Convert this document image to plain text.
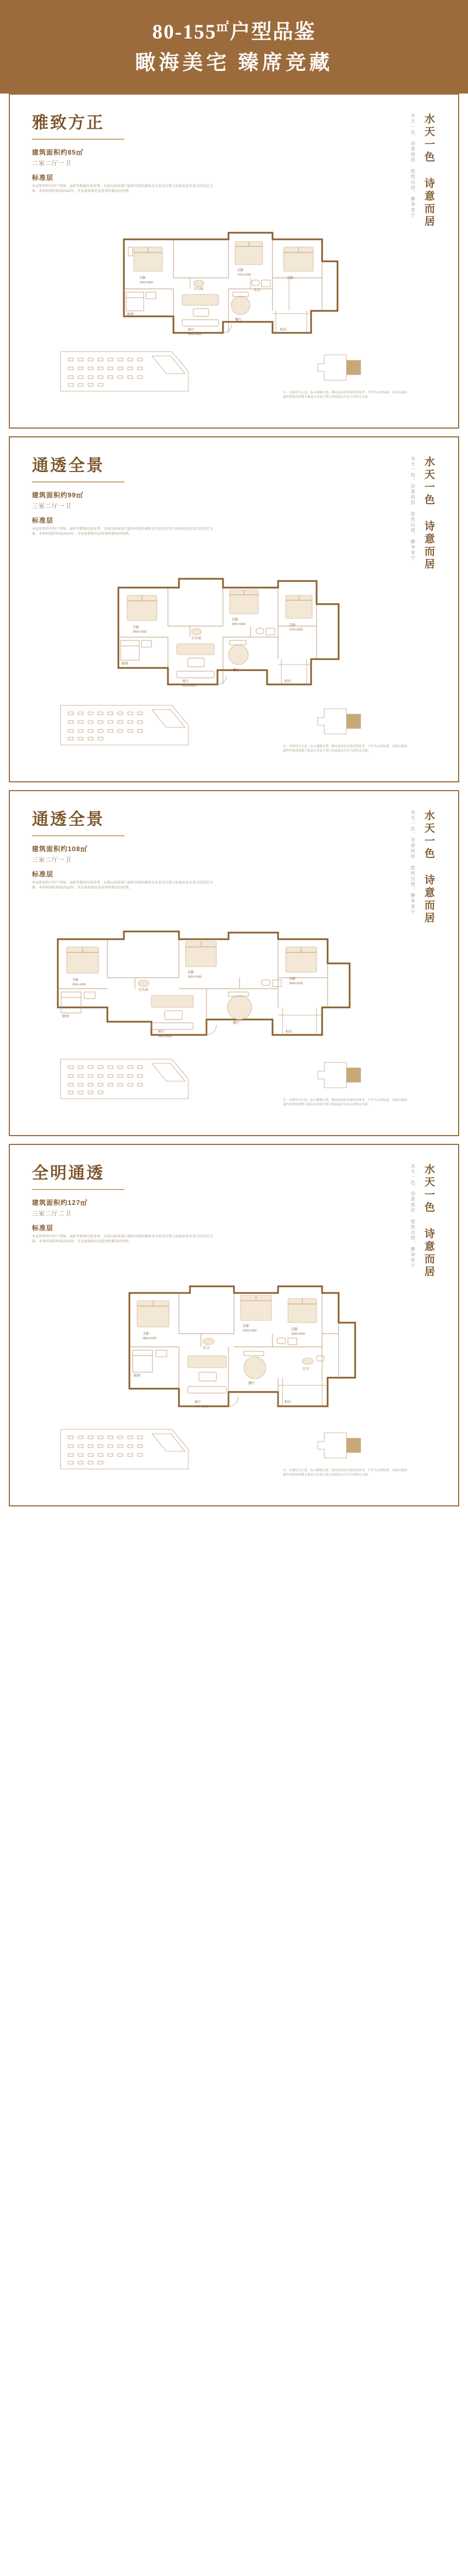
80-155㎡户型品鉴
瞰海美宅 臻席竞藏
雅致方正
建筑面积约85㎡
二室二厅一卫
标准层
本宣传资料中的户型图、面积等数据仅供参考，具体以政府部门最终审批的图纸及买卖双方签订的商品房买卖合同约定为准。本资料制作时间2023年，开发商保留对宣传资料修改的权利。	水天一色 诗意而居
水天一色，诗意而居 悠然自得，静享安宁
主卧
3300×3600
次卧
2700×3300
次卧
客厅
3900×4200
餐厅
厨房
卫生间
阳台
玄关
注：本图仅为示意，标示楼栋位置、朝向及周边环境仅供参考，不作为交付标准，具体以政府最终审批的规划方案及买卖双方签订的商品房买卖合同约定为准。
通透全景
建筑面积约99㎡
三室二厅一卫
标准层
本宣传资料中的户型图、面积等数据仅供参考，具体以政府部门最终审批的图纸及买卖双方签订的商品房买卖合同约定为准。本资料制作时间2023年，开发商保留对宣传资料修改的权利。	水天一色 诗意而居
水天一色，诗意而居 悠然自得，静享安宁
主卧
3400×3900
次卧
2800×3300	次卧
2700×3000
客厅
4200×4500
餐厅
厨房
卫生间
阳台
注：本图仅为示意，标示楼栋位置、朝向及周边环境仅供参考，不作为交付标准，具体以政府最终审批的规划方案及买卖双方签订的商品房买卖合同约定为准。
通透全景
建筑面积约108㎡
三室二厅一卫
标准层
本宣传资料中的户型图、面积等数据仅供参考，具体以政府部门最终审批的图纸及买卖双方签订的商品房买卖合同约定为准。本资料制作时间2023年，开发商保留对宣传资料修改的权利。	水天一色 诗意而居
水天一色，诗意而居 悠然自得，静享安宁
主卧
3600×4000
次卧
3000×3400
次卧
2800×3200
客厅
4500×4800
餐厅
厨房
卫生间
阳台
注：本图仅为示意，标示楼栋位置、朝向及周边环境仅供参考，不作为交付标准，具体以政府最终审批的规划方案及买卖双方签订的商品房买卖合同约定为准。
全明通透
建筑面积约127㎡
三室二厅二卫
标准层
本宣传资料中的户型图、面积等数据仅供参考，具体以政府部门最终审批的图纸及买卖双方签订的商品房买卖合同约定为准。本资料制作时间2023年，开发商保留对宣传资料修改的权利。	水天一色 诗意而居
水天一色，诗意而居 悠然自得，静享安宁
主卧
3800×4200
次卧
3200×3600	次卧
3000×3400
客厅
4800×5200
餐厅
厨房
次卫
主卫
阳台
注：本图仅为示意，标示楼栋位置、朝向及周边环境仅供参考，不作为交付标准，具体以政府最终审批的规划方案及买卖双方签订的商品房买卖合同约定为准。
